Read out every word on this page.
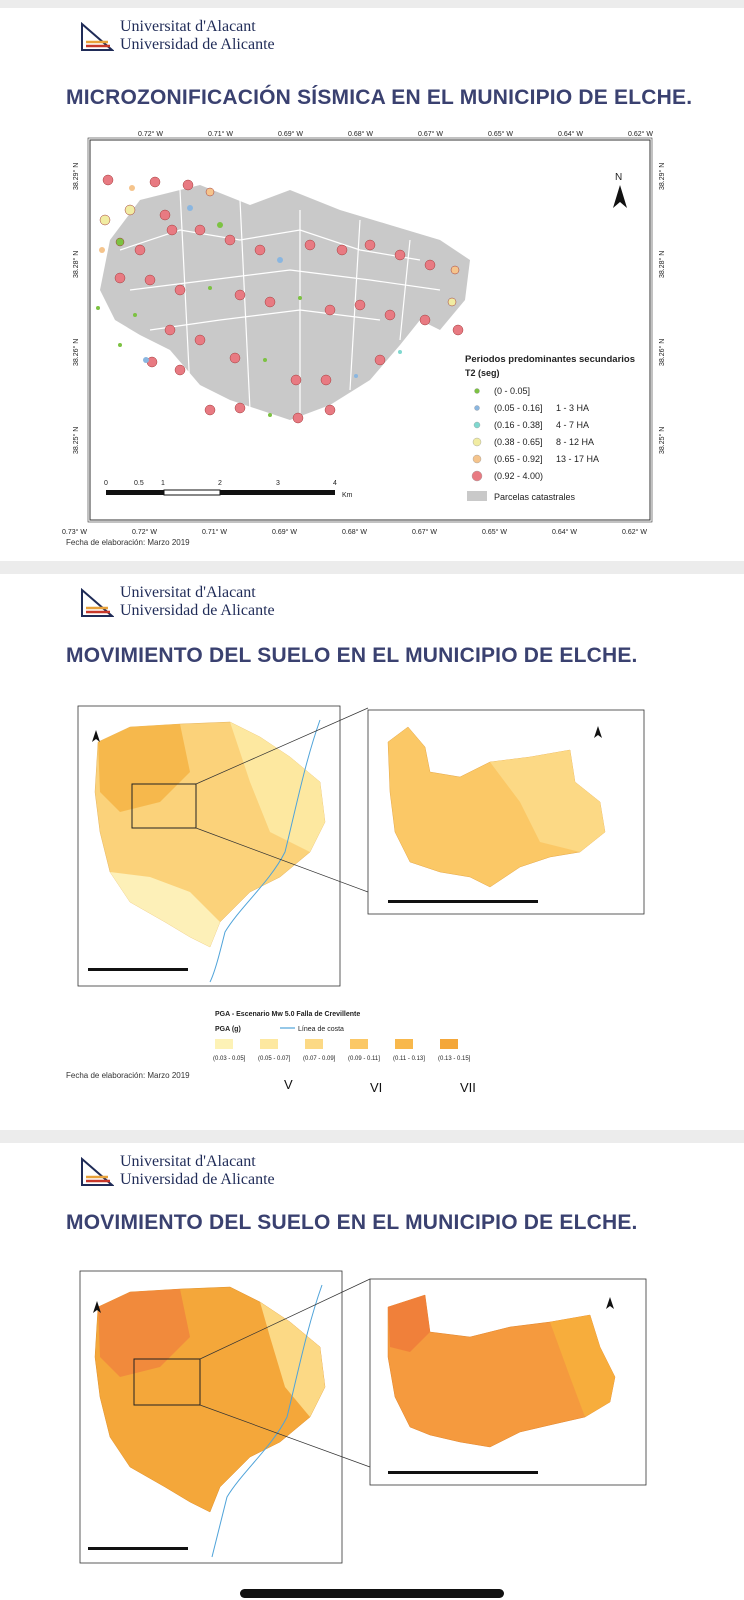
Universitat d'Alacant
Universidad de Alicante
MICROZONIFICACIÓN SÍSMICA EN EL MUNICIPIO DE ELCHE.
0.72° W	0.71° W	0.69° W	0.68° W	0.67° W	0.65° W	0.64° W	0.62° W
0.73° W	0.72° W	0.71° W	0.69° W	0.68° W	0.67° W	0.65° W	0.64° W	0.62° W
38.29° N
38.28° N
38.26° N
38.25° N
38.29° N
38.28° N
38.26° N
38.25° N
N
0	0.5 1	2	3	4
Km
Periodos predominantes secundarios
T2 (seg)
(0 - 0.05]
(0.05 - 0.16] 1 - 3 HA
(0.16 - 0.38] 4 - 7 HA
(0.38 - 0.65] 8 - 12 HA
(0.65 - 0.92] 13 - 17 HA
(0.92 - 4.00)
Parcelas catastrales
Fecha de elaboración: Marzo 2019
Universitat d'Alacant
Universidad de Alicante
MOVIMIENTO DEL SUELO EN EL MUNICIPIO DE ELCHE.
PGA - Escenario Mw 5.0 Falla de Crevillente
PGA (g)	Línea de costa
(0.03 - 0.05] (0.05 - 0.07] (0.07 - 0.09] (0.09 - 0.11] (0.11 - 0.13] (0.13 - 0.15]
Fecha de elaboración: Marzo 2019
V	VI	VII
Universitat d'Alacant
Universidad de Alicante
MOVIMIENTO DEL SUELO EN EL MUNICIPIO DE ELCHE.
